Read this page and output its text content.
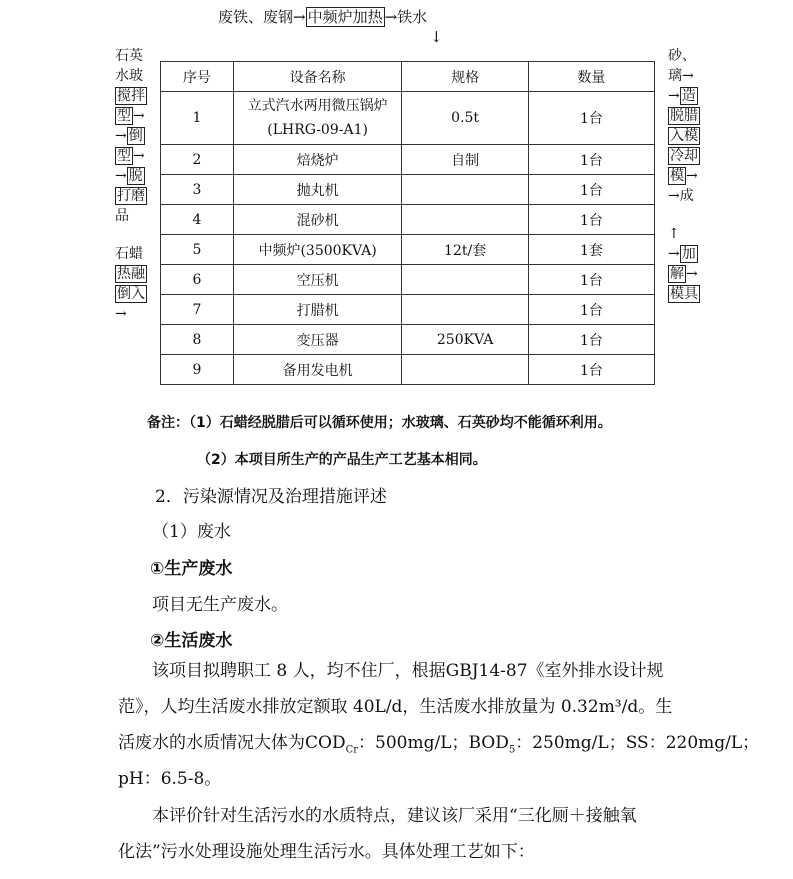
废铁、废钢→ 中频炉加热 →铁水
↓
石英
水玻
搅拌
型 →
→ 倒
型 →
→ 脱
打磨
品
石蜡
热融
倒入
→
砂、
璃→
→ 造
脱腊
入模
冷却
模 →
→成
↑
→ 加
解 →
模具
序号	设备名称	规格	数量
1	立式汽水两用微压锅炉 (LHRG-09-A1)	0.5t	1台
2	焙烧炉	自制	1台
3	抛丸机		1台
4	混砂机		1台
5	中频炉(3500KVA)	12t/套	1套
6	空压机		1台
7	打腊机		1台
8	变压器	250KVA	1台
9	备用发电机		1台
备注：（1）石蜡经脱腊后可以循环使用；水玻璃、石英砂均不能循环利用。
（2）本项目所生产的产品生产工艺基本相同。
2．污染源情况及治理措施评述
（1）废水
①生产废水
项目无生产废水。
②生活废水
该项目拟聘职工 8 人，均不住厂，根据GBJ14-87《室外排水设计规
范》，人均生活废水排放定额取 40L/d，生活废水排放量为 0.32m³/d。生
活废水的水质情况大体为$COD_{Cr}$：500mg/L；$BOD_5$：250mg/L；SS：220mg/L；
pH：6.5-8。
本评价针对生活污水的水质特点，建议该厂采用“三化厕＋接触氧
化法”污水处理设施处理生活污水。具体处理工艺如下：
